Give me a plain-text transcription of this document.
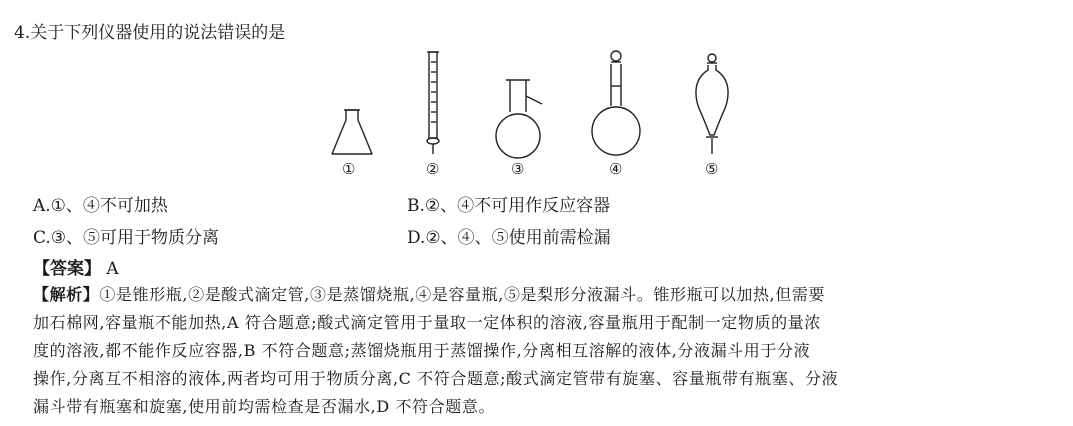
4.关于下列仪器使用的说法错误的是
①	②	③	④	⑤
A.①、④不可加热	B.②、④不可用作反应容器
C.③、⑤可用于物质分离	D.②、④、⑤使用前需检漏
【答案】 A
【解析】①是锥形瓶,②是酸式滴定管,③是蒸馏烧瓶,④是容量瓶,⑤是梨形分液漏斗。锥形瓶可以加热,但需要
加石棉网,容量瓶不能加热,A 符合题意;酸式滴定管用于量取一定体积的溶液,容量瓶用于配制一定物质的量浓
度的溶液,都不能作反应容器,B 不符合题意;蒸馏烧瓶用于蒸馏操作,分离相互溶解的液体,分液漏斗用于分液
操作,分离互不相溶的液体,两者均可用于物质分离,C 不符合题意;酸式滴定管带有旋塞、容量瓶带有瓶塞、分液
漏斗带有瓶塞和旋塞,使用前均需检查是否漏水,D 不符合题意。
